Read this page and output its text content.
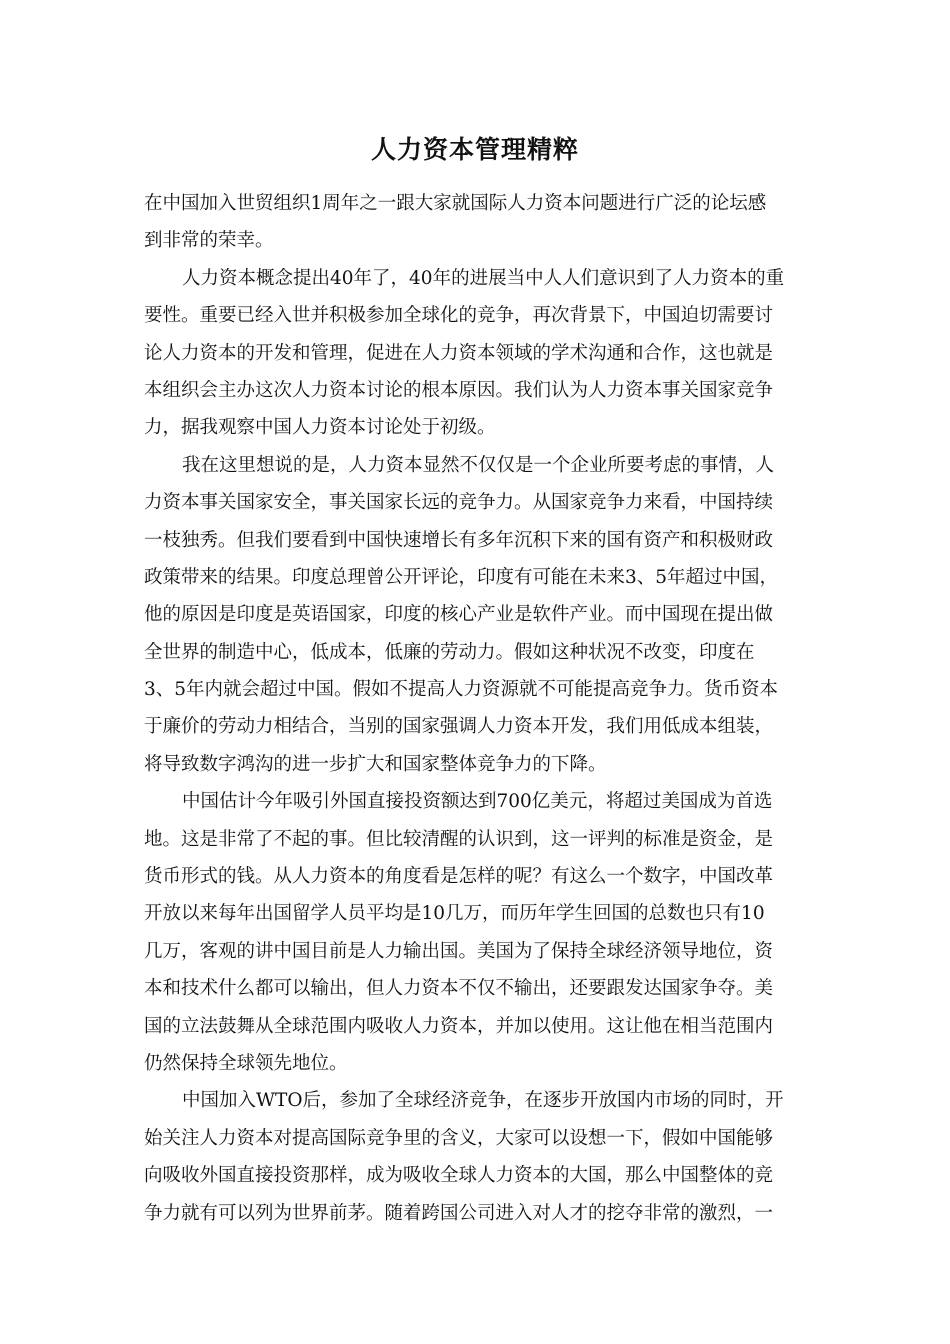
人力资本管理精粹
在中国加入世贸组织1周年之一跟大家就国际人力资本问题进行广泛的论坛感
到非常的荣幸。
人力资本概念提出40年了，40年的进展当中人人们意识到了人力资本的重
要性。重要已经入世并积极参加全球化的竞争，再次背景下，中国迫切需要讨
论人力资本的开发和管理，促进在人力资本领域的学术沟通和合作，这也就是
本组织会主办这次人力资本讨论的根本原因。我们认为人力资本事关国家竞争
力，据我观察中国人力资本讨论处于初级。
我在这里想说的是，人力资本显然不仅仅是一个企业所要考虑的事情，人
力资本事关国家安全，事关国家长远的竞争力。从国家竞争力来看，中国持续
一枝独秀。但我们要看到中国快速增长有多年沉积下来的国有资产和积极财政
政策带来的结果。印度总理曾公开评论，印度有可能在未来3、5年超过中国，
他的原因是印度是英语国家，印度的核心产业是软件产业。而中国现在提出做
全世界的制造中心，低成本，低廉的劳动力。假如这种状况不改变，印度在
3、5年内就会超过中国。假如不提高人力资源就不可能提高竞争力。货币资本
于廉价的劳动力相结合，当别的国家强调人力资本开发，我们用低成本组装，
将导致数字鸿沟的进一步扩大和国家整体竞争力的下降。
中国估计今年吸引外国直接投资额达到700亿美元，将超过美国成为首选
地。这是非常了不起的事。但比较清醒的认识到，这一评判的标准是资金，是
货币形式的钱。从人力资本的角度看是怎样的呢？有这么一个数字，中国改革
开放以来每年出国留学人员平均是10几万，而历年学生回国的总数也只有10
几万，客观的讲中国目前是人力输出国。美国为了保持全球经济领导地位，资
本和技术什么都可以输出，但人力资本不仅不输出，还要跟发达国家争夺。美
国的立法鼓舞从全球范围内吸收人力资本，并加以使用。这让他在相当范围内
仍然保持全球领先地位。
中国加入WTO后，参加了全球经济竞争，在逐步开放国内市场的同时，开
始关注人力资本对提高国际竞争里的含义，大家可以设想一下，假如中国能够
向吸收外国直接投资那样，成为吸收全球人力资本的大国，那么中国整体的竞
争力就有可以列为世界前茅。随着跨国公司进入对人才的挖夺非常的激烈，一
